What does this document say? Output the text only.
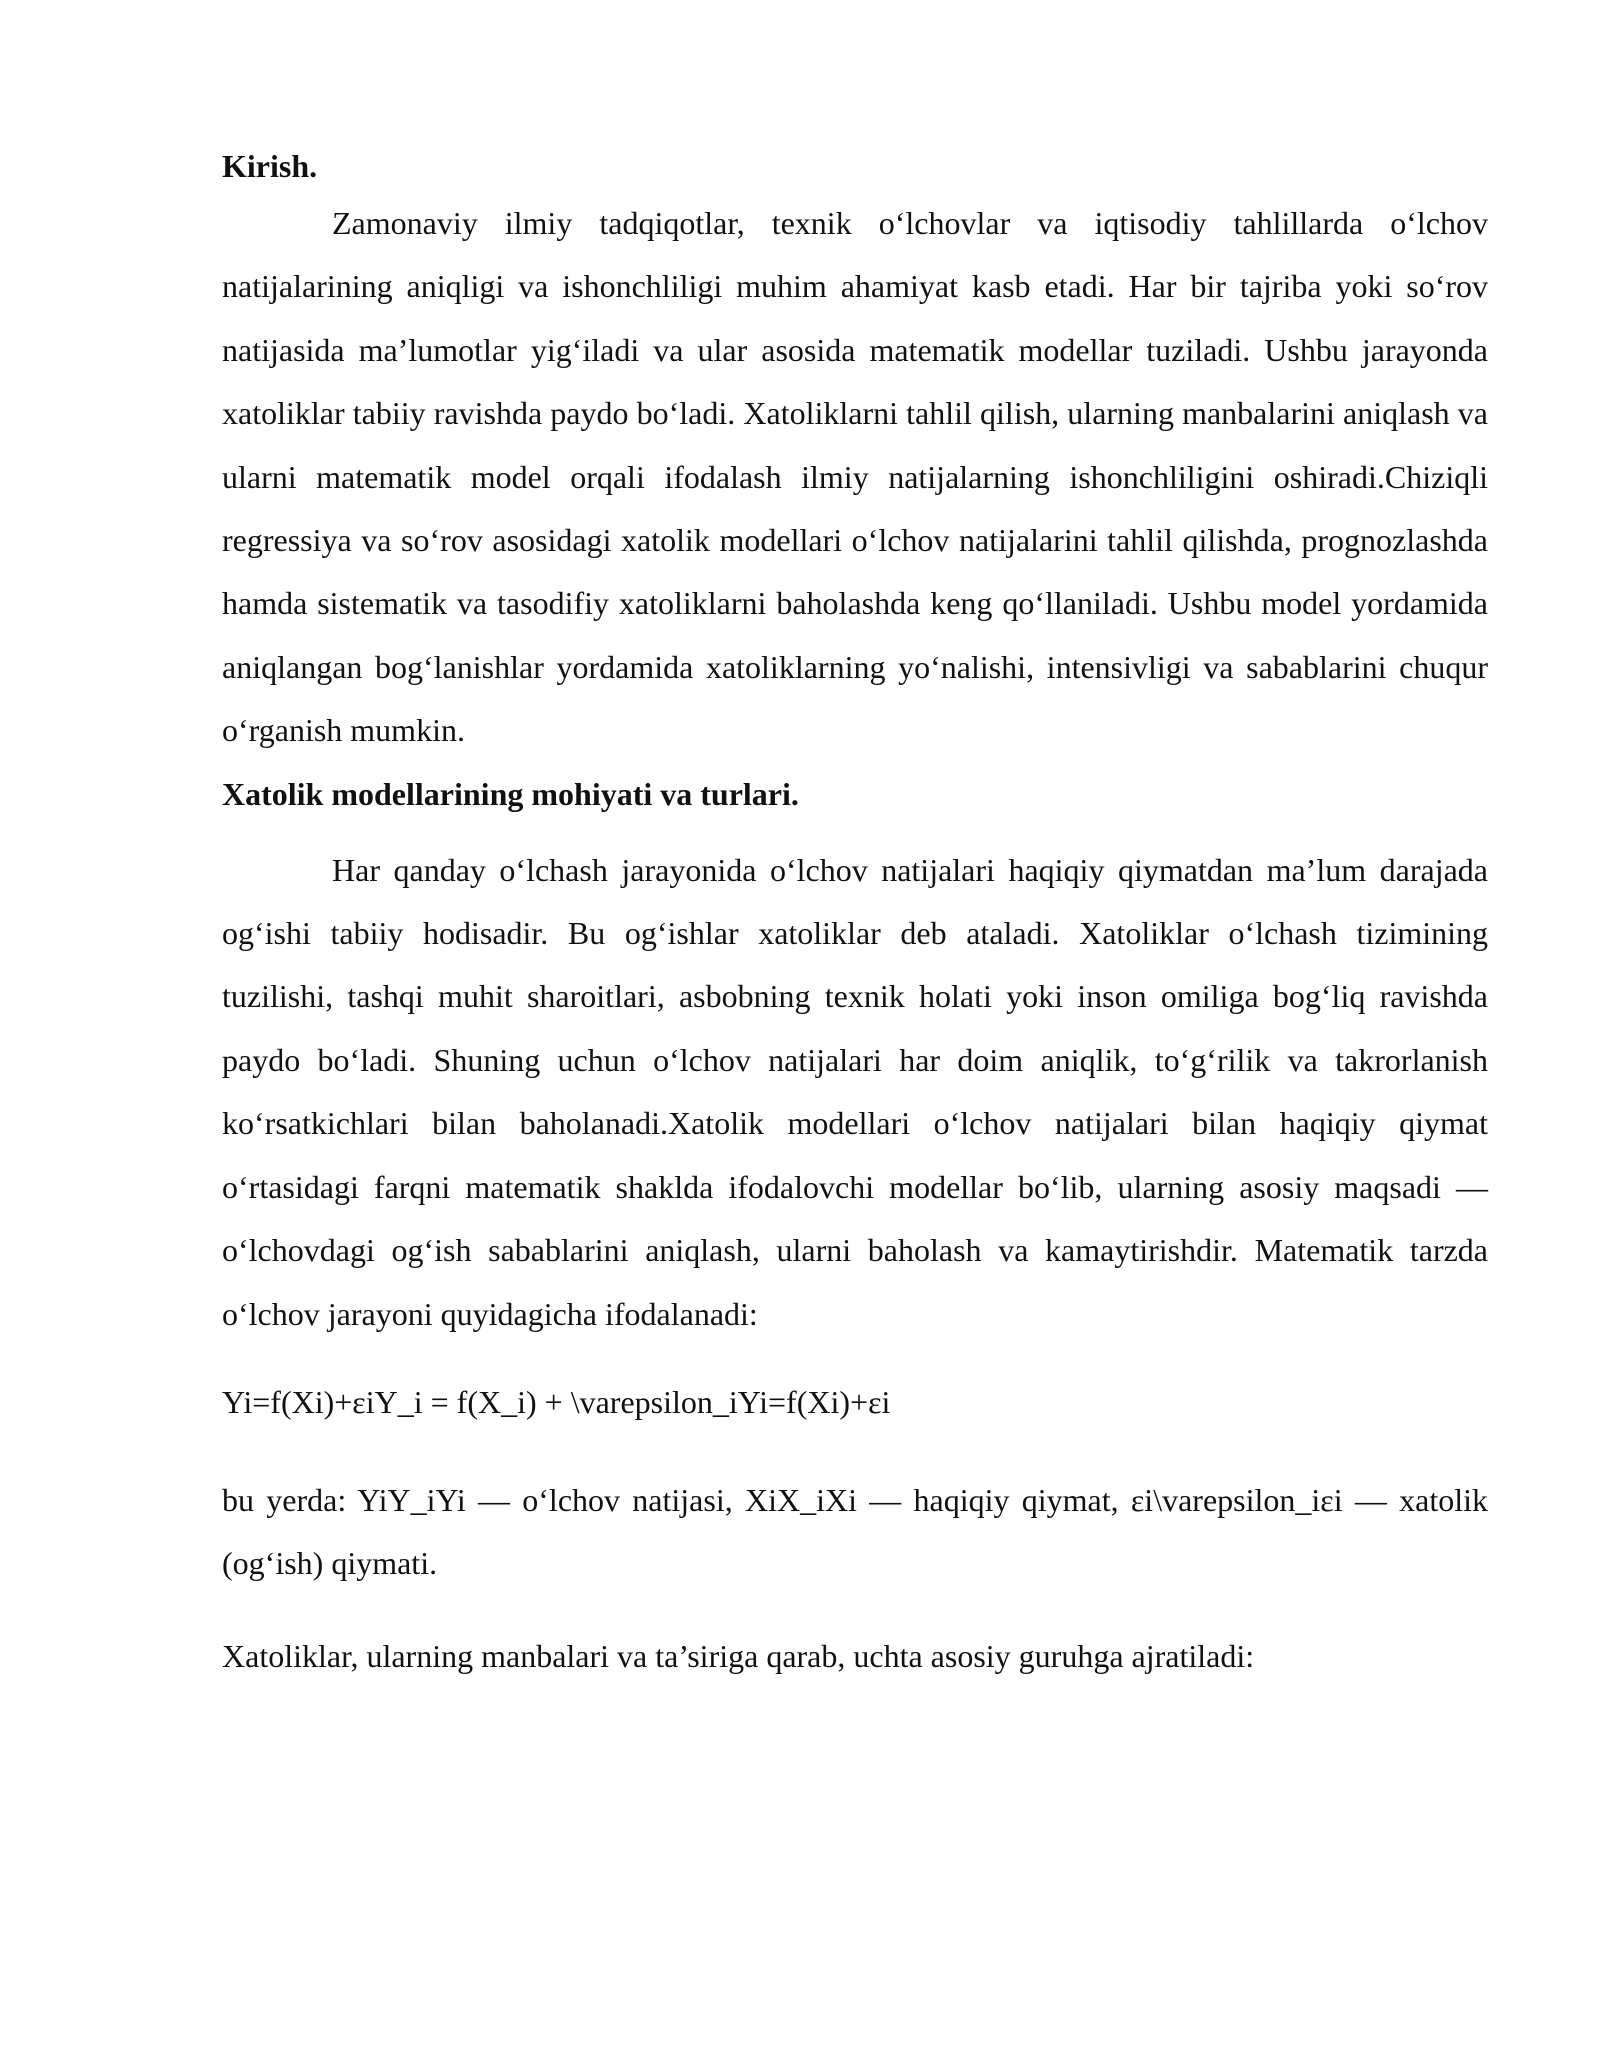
Kirish.

Zamonaviy ilmiy tadqiqotlar, texnik o‘lchovlar va iqtisodiy tahlillarda o‘lchov natijalarining aniqligi va ishonchliligi muhim ahamiyat kasb etadi. Har bir tajriba yoki so‘rov natijasida ma’lumotlar yig‘iladi va ular asosida matematik modellar tuziladi. Ushbu jarayonda xatoliklar tabiiy ravishda paydo bo‘ladi. Xatoliklarni tahlil qilish, ularning manbalarini aniqlash va ularni matematik model orqali ifodalash ilmiy natijalarning ishonchliligini oshiradi.Chiziqli regressiya va so‘rov asosidagi xatolik modellari o‘lchov natijalarini tahlil qilishda, prognozlashda hamda sistematik va tasodifiy xatoliklarni baholashda keng qo‘llaniladi. Ushbu model yordamida aniqlangan bog‘lanishlar yordamida xatoliklarning yo‘nalishi, intensivligi va sabablarini chuqur o‘rganish mumkin.

Xatolik modellarining mohiyati va turlari.

Har qanday o‘lchash jarayonida o‘lchov natijalari haqiqiy qiymatdan ma’lum darajada og‘ishi tabiiy hodisadir. Bu og‘ishlar xatoliklar deb ataladi. Xatoliklar o‘lchash tizimining tuzilishi, tashqi muhit sharoitlari, asbobning texnik holati yoki inson omiliga bog‘liq ravishda paydo bo‘ladi. Shuning uchun o‘lchov natijalari har doim aniqlik, to‘g‘rilik va takrorlanish ko‘rsatkichlari bilan baholanadi.Xatolik modellari o‘lchov natijalari bilan haqiqiy qiymat o‘rtasidagi farqni matematik shaklda ifodalovchi modellar bo‘lib, ularning asosiy maqsadi — o‘lchovdagi og‘ish sabablarini aniqlash, ularni baholash va kamaytirishdir. Matematik tarzda o‘lchov jarayoni quyidagicha ifodalanadi:

Yi=f(Xi)+εiY_i = f(X_i) + \varepsilon_iYi=f(Xi)+εi

bu yerda: YiY_iYi — o‘lchov natijasi, XiX_iXi — haqiqiy qiymat, εi\varepsilon_iεi — xatolik (og‘ish) qiymati.

Xatoliklar, ularning manbalari va ta’siriga qarab, uchta asosiy guruhga ajratiladi:
